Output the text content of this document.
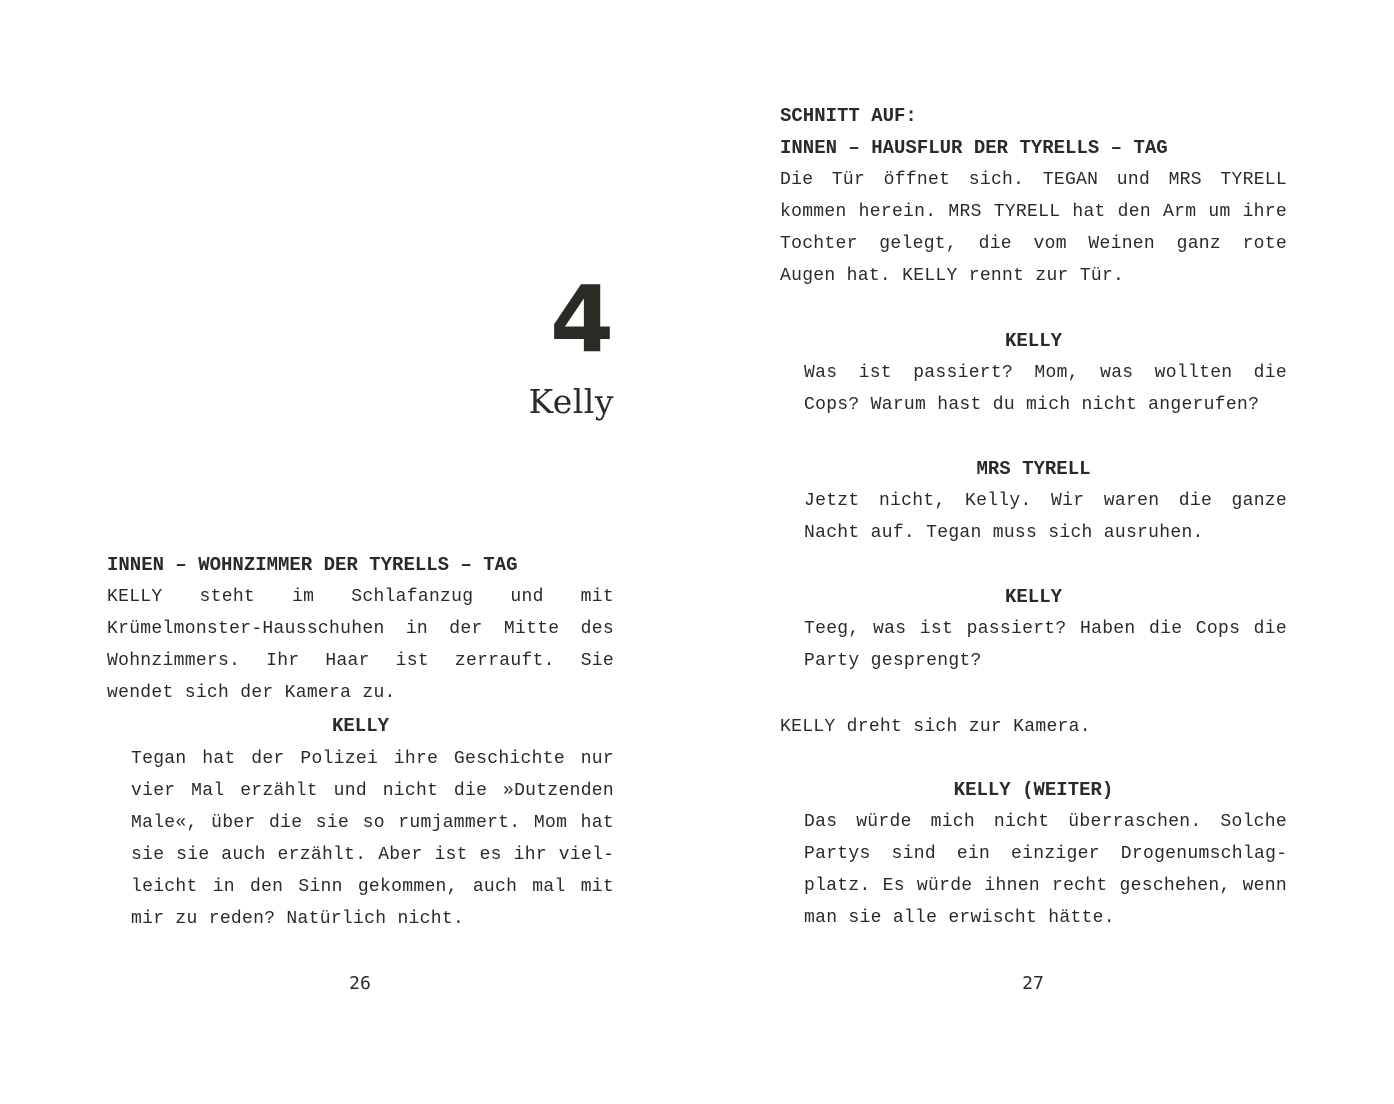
4
Kelly

INNEN – WOHNZIMMER DER TYRELLS – TAG

KELLY steht im Schlafanzug und mit Krümelmonster-Hausschuhen in der Mitte des Wohnzimmers. Ihr Haar ist zerrauft. Sie wendet sich der Kamera zu.

KELLY

Tegan hat der Polizei ihre Geschichte nur vier Mal erzählt und nicht die »Dutzenden Male«, über die sie so rumjammert. Mom hat sie sie auch erzählt. Aber ist es ihr vielleicht in den Sinn gekommen, auch mal mit mir zu reden? Natürlich nicht.

26

SCHNITT AUF:

INNEN – HAUSFLUR DER TYRELLS – TAG

Die Tür öffnet sich. TEGAN und MRS TYRELL kommen herein. MRS TYRELL hat den Arm um ihre Tochter gelegt, die vom Weinen ganz rote Augen hat. KELLY rennt zur Tür.

KELLY

Was ist passiert? Mom, was wollten die Cops? Warum hast du mich nicht angerufen?

MRS TYRELL

Jetzt nicht, Kelly. Wir waren die ganze Nacht auf. Tegan muss sich ausruhen.

KELLY

Teeg, was ist passiert? Haben die Cops die Party gesprengt?

KELLY dreht sich zur Kamera.

KELLY (WEITER)

Das würde mich nicht überraschen. Solche Partys sind ein einziger Drogenumschlagplatz. Es würde ihnen recht geschehen, wenn man sie alle erwischt hätte.

27
